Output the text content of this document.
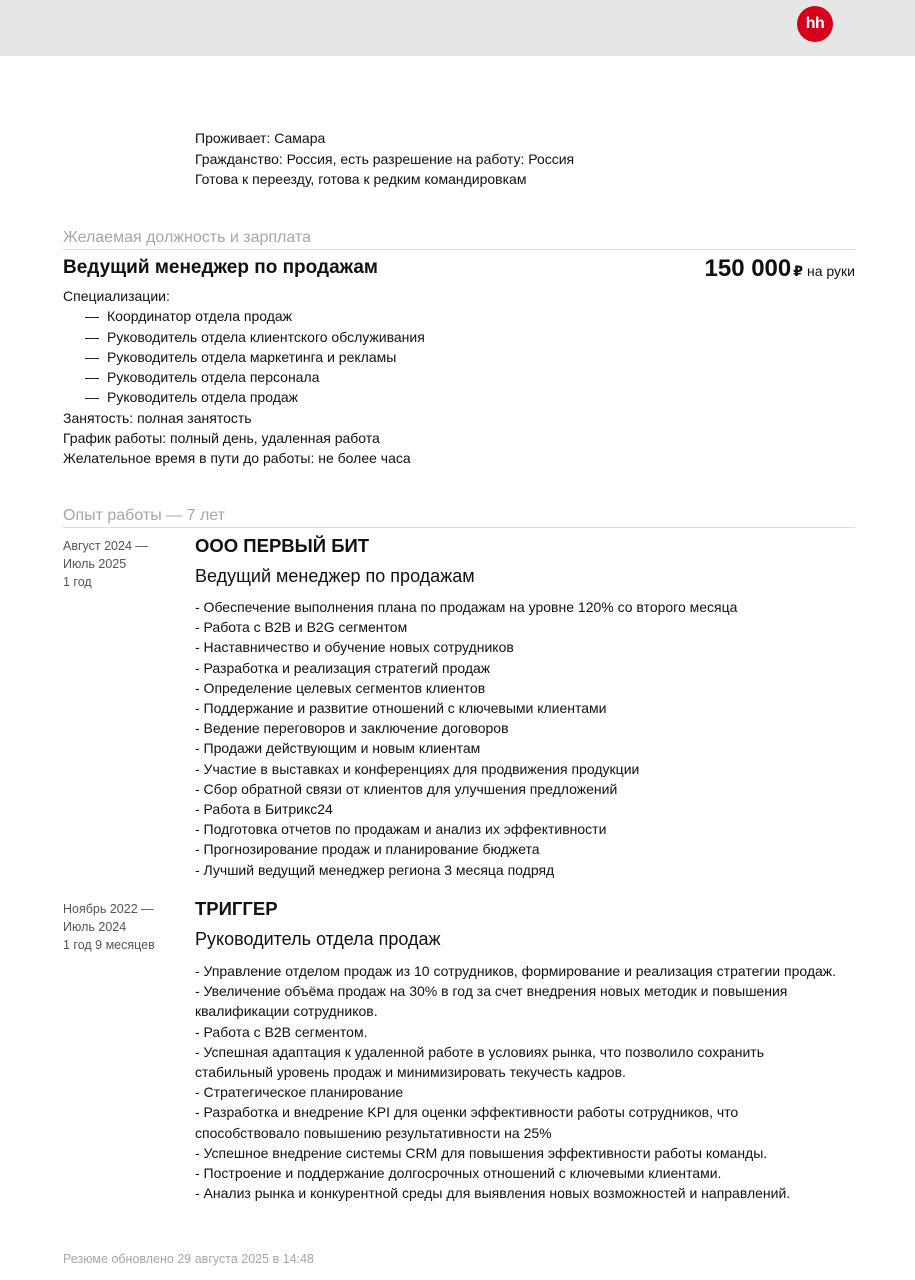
hh
Проживает: Самара
Гражданство: Россия, есть разрешение на работу: Россия
Готова к переезду, готова к редким командировкам
Желаемая должность и зарплата
Ведущий менеджер по продажам	150 000 ₽ на руки
Специализации:
— Координатор отдела продаж
— Руководитель отдела клиентского обслуживания
— Руководитель отдела маркетинга и рекламы
— Руководитель отдела персонала
— Руководитель отдела продаж
Занятость: полная занятость
График работы: полный день, удаленная работа
Желательное время в пути до работы: не более часа
Опыт работы — 7 лет
Август 2024 —
Июль 2025
1 год
ООО ПЕРВЫЙ БИТ
Ведущий менеджер по продажам
- Обеспечение выполнения плана по продажам на уровне 120% со второго месяца
- Работа с B2B и B2G сегментом
- Наставничество и обучение новых сотрудников
- Разработка и реализация стратегий продаж
- Определение целевых сегментов клиентов
- Поддержание и развитие отношений с ключевыми клиентами
- Ведение переговоров и заключение договоров
- Продажи действующим и новым клиентам
- Участие в выставках и конференциях для продвижения продукции
- Сбор обратной связи от клиентов для улучшения предложений
- Работа в Битрикс24
- Подготовка отчетов по продажам и анализ их эффективности
- Прогнозирование продаж и планирование бюджета
- Лучший ведущий менеджер региона 3 месяца подряд
Ноябрь 2022 —
Июль 2024
1 год 9 месяцев
ТРИГГЕР
Руководитель отдела продаж
- Управление отделом продаж из 10 сотрудников, формирование и реализация стратегии продаж.
- Увеличение объёма продаж на 30% в год за счет внедрения новых методик и повышения квалификации сотрудников.
- Работа с B2B сегментом.
- Успешная адаптация к удаленной работе в условиях рынка, что позволило сохранить стабильный уровень продаж и минимизировать текучесть кадров.
- Стратегическое планирование
- Разработка и внедрение KPI для оценки эффективности работы сотрудников, что способствовало повышению результативности на 25%
- Успешное внедрение системы CRM для повышения эффективности работы команды.
- Построение и поддержание долгосрочных отношений с ключевыми клиентами.
- Анализ рынка и конкурентной среды для выявления новых возможностей и направлений.
Резюме обновлено 29 августа 2025 в 14:48
